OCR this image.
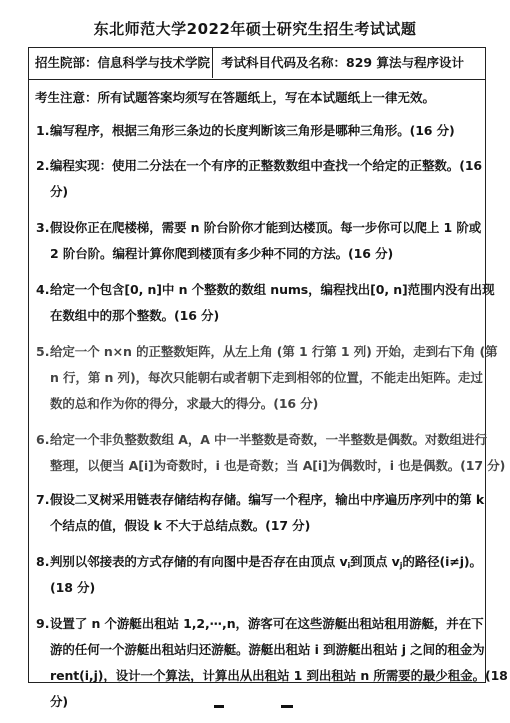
东北师范大学2022年硕士研究生招生考试试题
招生院部：信息科学与技术学院 考试科目代码及名称：829 算法与程序设计
考生注意：所有试题答案均须写在答题纸上，写在本试题纸上一律无效。
1. 编写程序，根据三角形三条边的长度判断该三角形是哪种三角形。(16 分)
2. 编程实现：使用二分法在一个有序的正整数数组中查找一个给定的正整数。(16
分)
3. 假设你正在爬楼梯，需要 n 阶台阶你才能到达楼顶。每一步你可以爬上 1 阶或
2 阶台阶。编程计算你爬到楼顶有多少种不同的方法。(16 分)
4. 给定一个包含[0, n]中 n 个整数的数组 nums，编程找出[0, n]范围内没有出现
在数组中的那个整数。(16 分)
5. 给定一个 n×n 的正整数矩阵，从左上角 (第 1 行第 1 列) 开始，走到右下角 (第
n 行，第 n 列)，每次只能朝右或者朝下走到相邻的位置，不能走出矩阵。走过
数的总和作为你的得分，求最大的得分。(16 分)
6. 给定一个非负整数数组 A，A 中一半整数是奇数，一半整数是偶数。对数组进行
整理，以便当 A[i]为奇数时，i 也是奇数；当 A[i]为偶数时，i 也是偶数。(17 分)
7. 假设二叉树采用链表存储结构存储。编写一个程序，输出中序遍历序列中的第 k
个结点的值，假设 k 不大于总结点数。(17 分)
8. 判别以邻接表的方式存储的有向图中是否存在由顶点 $v_i$到顶点 $v_j$的路径(i≠j)。
(18 分)
9. 设置了 n 个游艇出租站 1,2,⋯,n，游客可在这些游艇出租站租用游艇，并在下
游的任何一个游艇出租站归还游艇。游艇出租站 i 到游艇出租站 j 之间的租金为
rent(i,j)，设计一个算法，计算出从出租站 1 到出租站 n 所需要的最少租金。(18
分)
